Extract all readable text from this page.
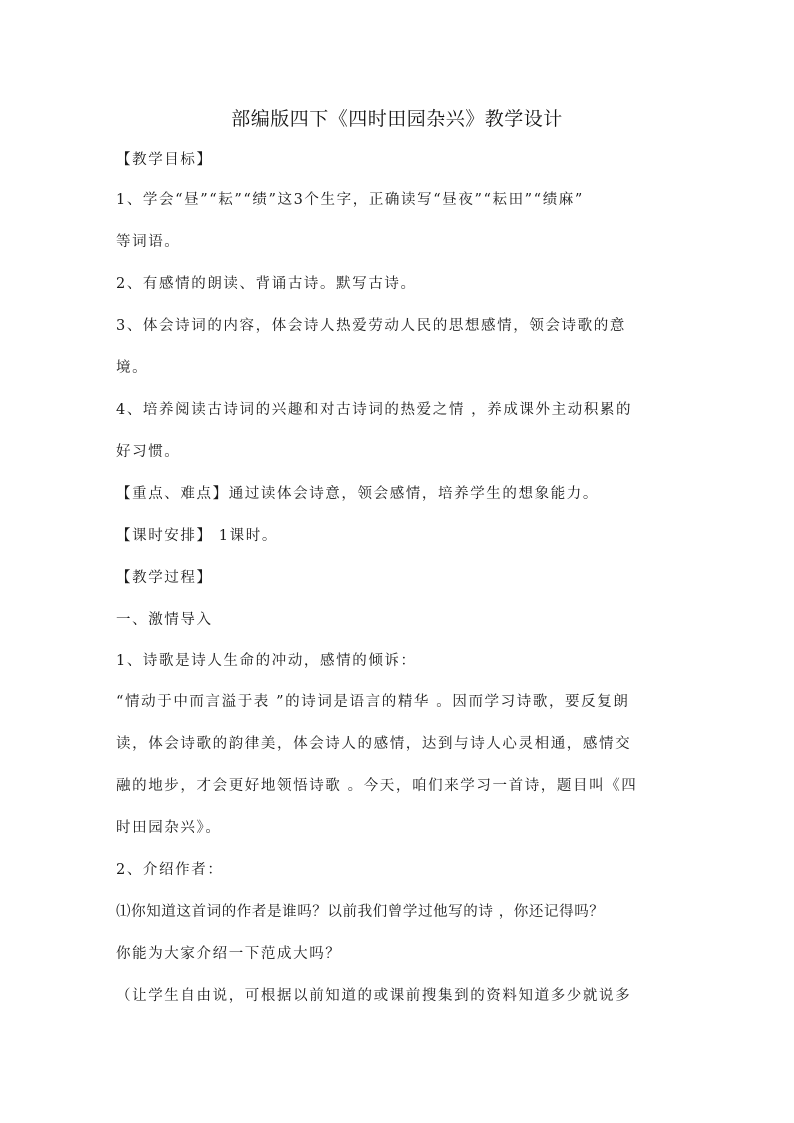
部编版四下《四时田园杂兴》教学设计
【教学目标】
1、学会“昼”“耘”“绩”这3个生字，正确读写“昼夜”“耘田”“绩麻”
等词语。
2、有感情的朗读、背诵古诗。默写古诗。
3、体会诗词的内容，体会诗人热爱劳动人民的思想感情，领会诗歌的意
境。
4、培养阅读古诗词的兴趣和对古诗词的热爱之情 ，养成课外主动积累的
好习惯。
【重点、难点】通过读体会诗意，领会感情，培养学生的想象能力。
【课时安排】 1课时。
【教学过程】
一、激情导入
1、诗歌是诗人生命的冲动，感情的倾诉：
“情动于中而言溢于表 ”的诗词是语言的精华 。因而学习诗歌，要反复朗
读，体会诗歌的韵律美，体会诗人的感情，达到与诗人心灵相通，感情交
融的地步，才会更好地领悟诗歌 。今天，咱们来学习一首诗，题目叫《四
时田园杂兴》。
2、介绍作者：
⑴你知道这首词的作者是谁吗？以前我们曾学过他写的诗 ，你还记得吗？
你能为大家介绍一下范成大吗？
（让学生自由说，可根据以前知道的或课前搜集到的资料知道多少就说多
